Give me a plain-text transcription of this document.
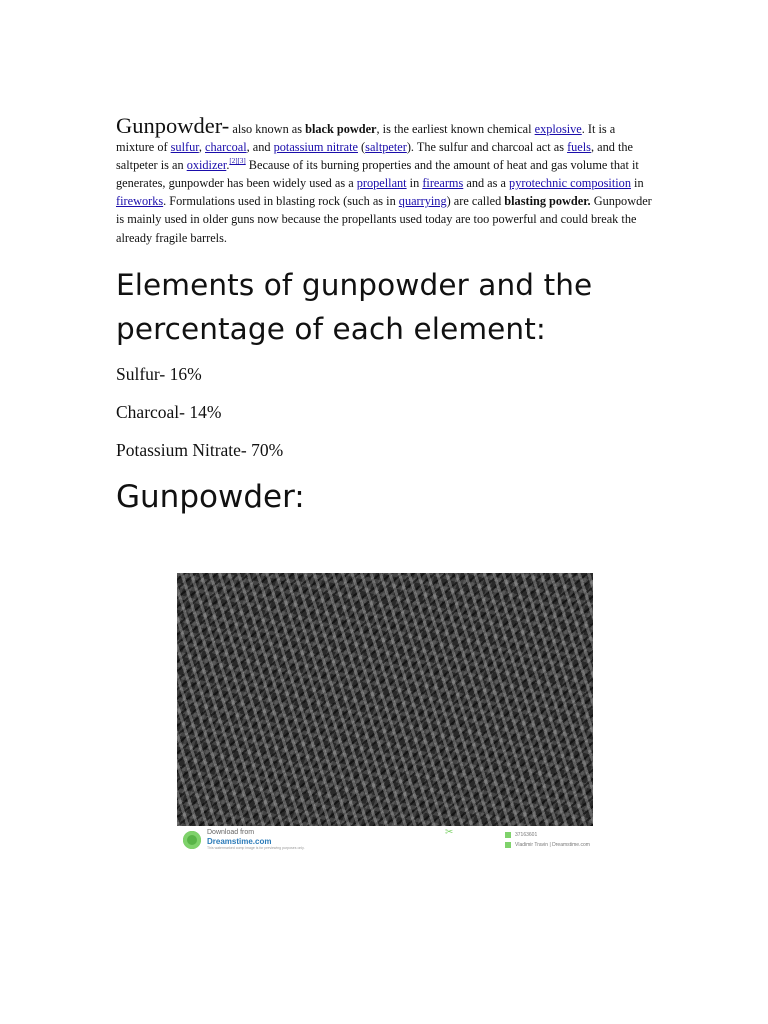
Gunpowder- also known as black powder, is the earliest known chemical explosive. It is a mixture of sulfur, charcoal, and potassium nitrate (saltpeter). The sulfur and charcoal act as fuels, and the saltpeter is an oxidizer.[2][3] Because of its burning properties and the amount of heat and gas volume that it generates, gunpowder has been widely used as a propellant in firearms and as a pyrotechnic composition in fireworks. Formulations used in blasting rock (such as in quarrying) are called blasting powder. Gunpowder is mainly used in older guns now because the propellants used today are too powerful and could break the already fragile barrels.

Elements of gunpowder and the percentage of each element:

Sulfur- 16%

Charcoal- 14%

Potassium Nitrate- 70%

Gunpowder:
Download from
Dreamstime.com
This watermarked comp image is for previewing purposes only.
✂	37163601
Vladimir Travin | Dreamstime.com
